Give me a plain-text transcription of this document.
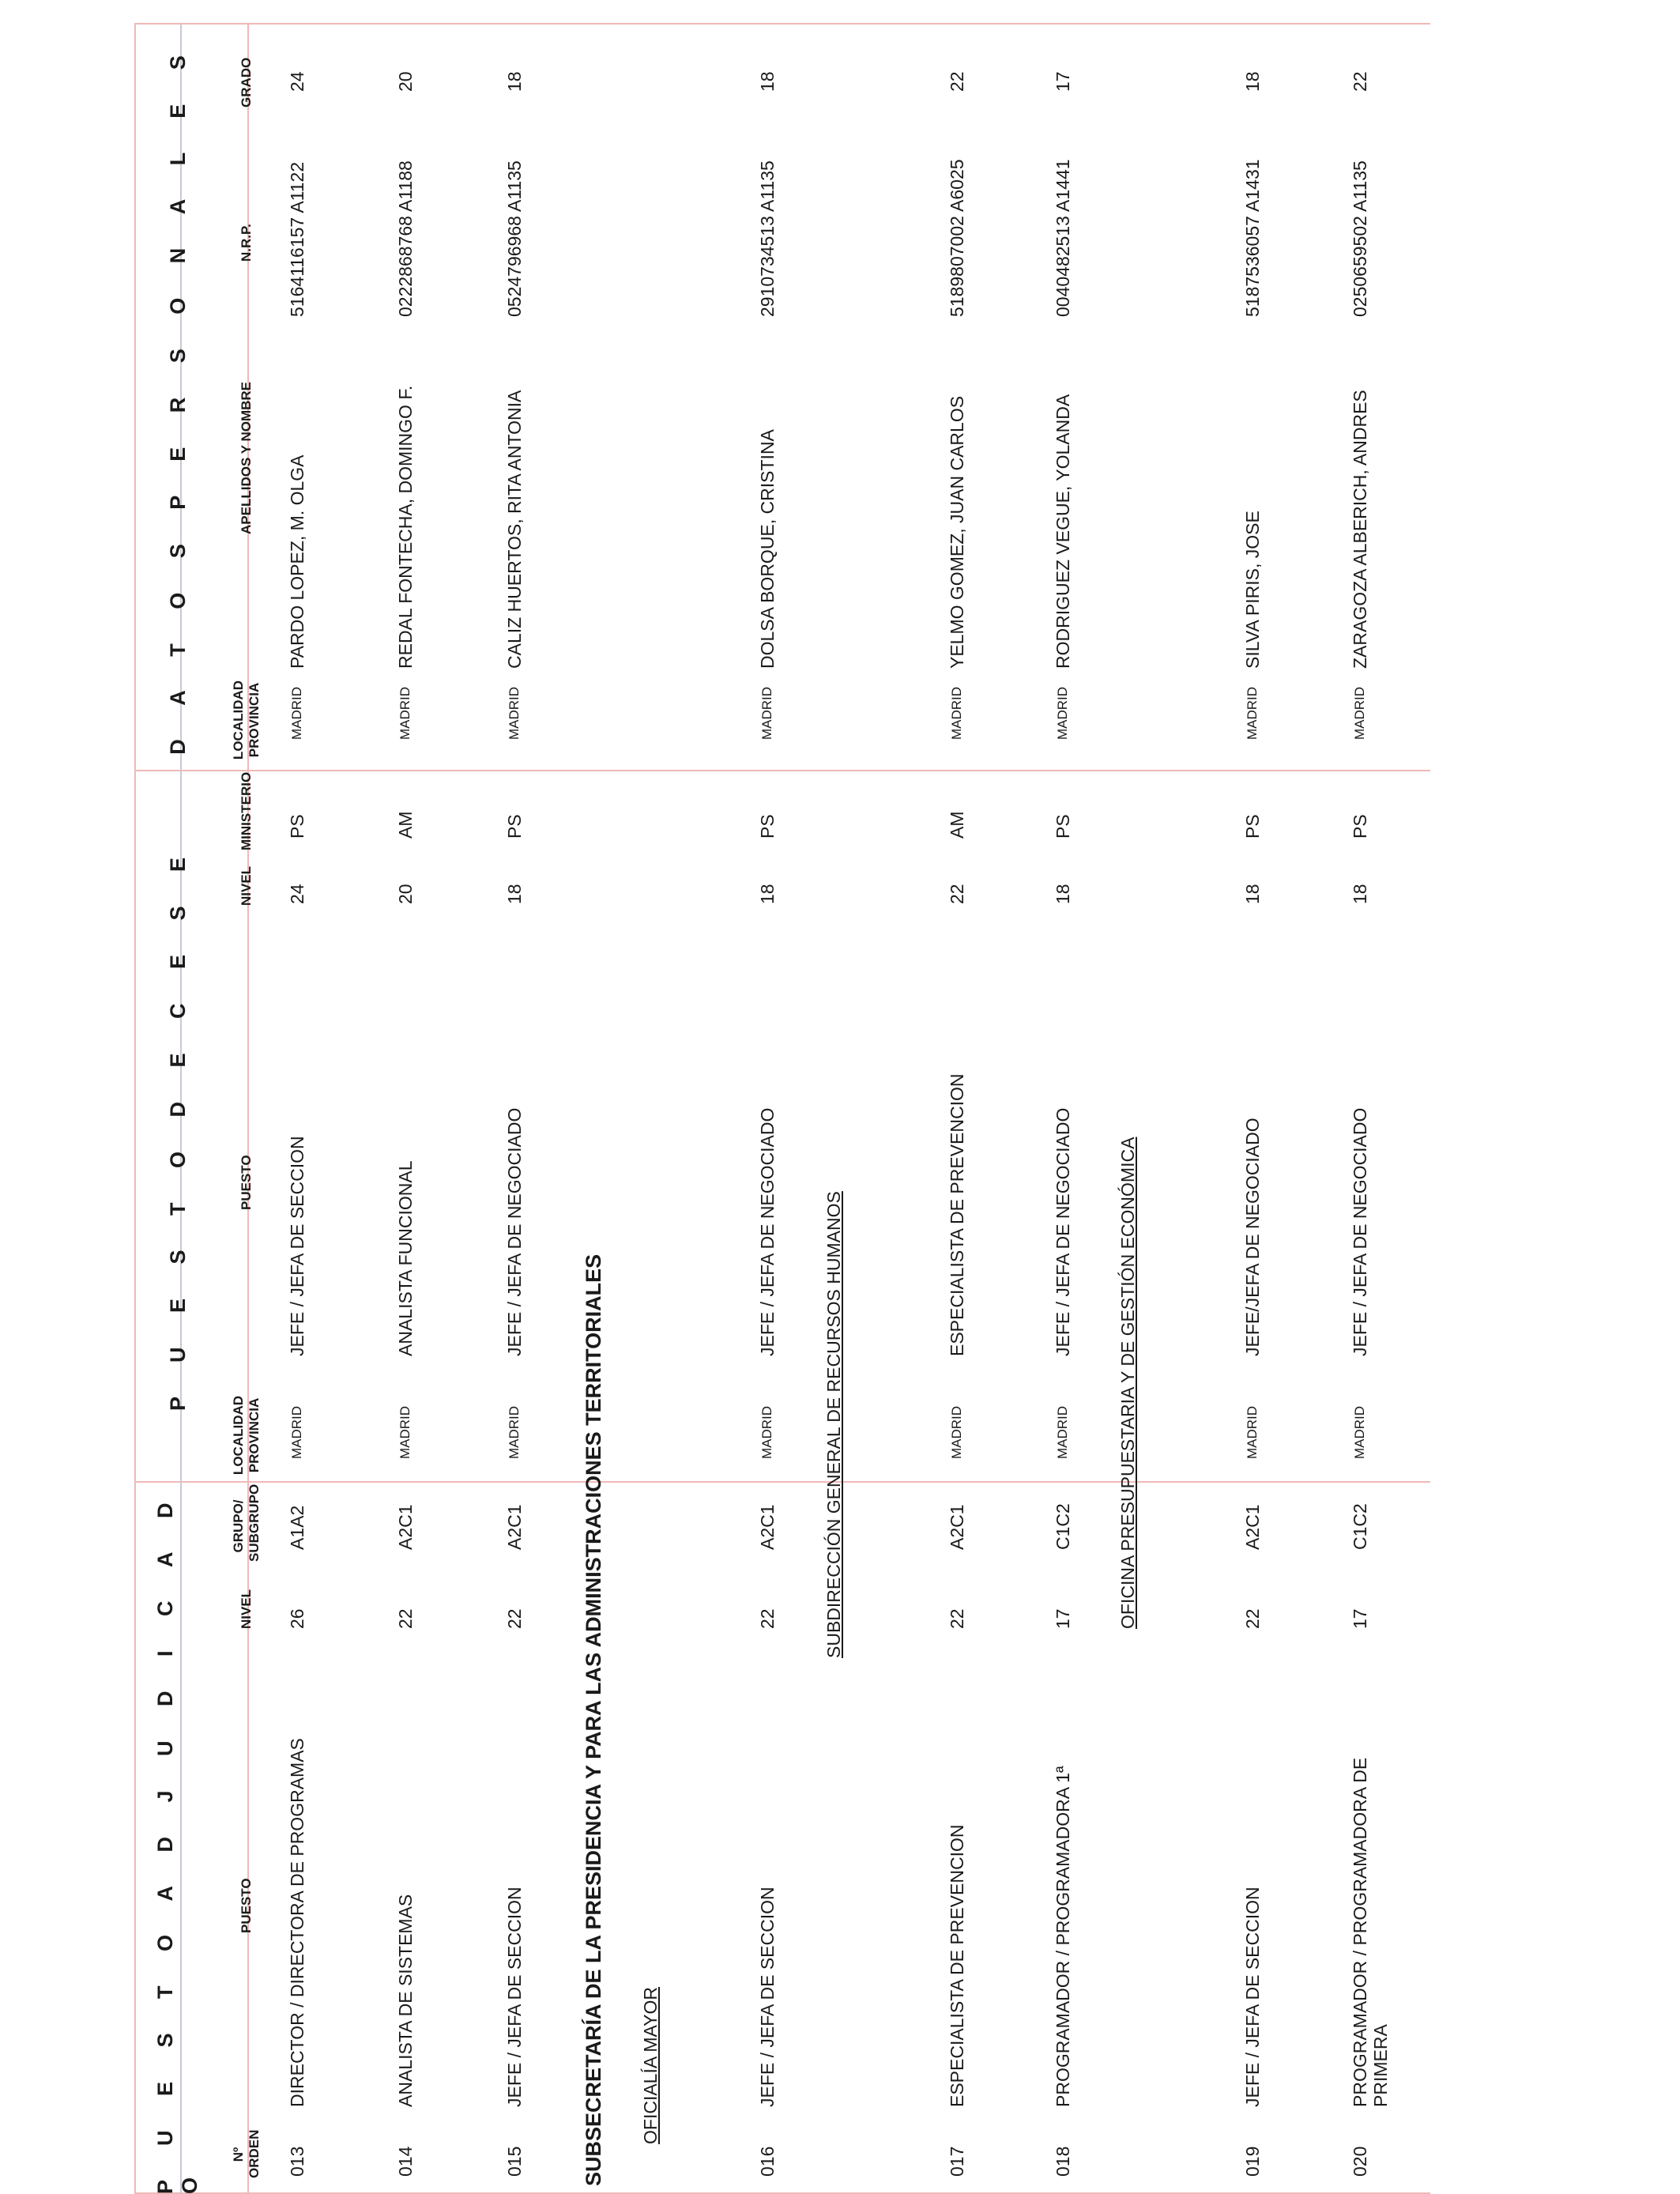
P U E S T O A D J U D I C A D O
P U E S T O D E C E S E
D A T O S P E R S O N A L E S
Nº ORDEN
PUESTO
NIVEL
GRUPO/ SUBGRUPO
LOCALIDAD PROVINCIA
PUESTO
NIVEL
MINISTERIO
LOCALIDAD PROVINCIA
APELLIDOS Y NOMBRE
N.R.P.
GRADO
013
DIRECTOR / DIRECTORA DE PROGRAMAS
26
A1A2
MADRID
JEFE / JEFA DE SECCION
24
PS
MADRID
PARDO LOPEZ, M. OLGA
5164116157 A1122
24
014
ANALISTA DE SISTEMAS
22
A2C1
MADRID
ANALISTA FUNCIONAL
20
AM
MADRID
REDAL FONTECHA, DOMINGO F.
0222868768 A1188
20
015
JEFE / JEFA DE SECCION
22
A2C1
MADRID
JEFE / JEFA DE NEGOCIADO
18
PS
MADRID
CALIZ HUERTOS, RITA ANTONIA
0524796968 A1135
18
016
JEFE / JEFA DE SECCION
22
A2C1
MADRID
JEFE / JEFA DE NEGOCIADO
18
PS
MADRID
DOLSA BORQUE, CRISTINA
2910734513 A1135
18
017
ESPECIALISTA DE PREVENCION
22
A2C1
MADRID
ESPECIALISTA DE PREVENCION
22
AM
MADRID
YELMO GOMEZ, JUAN CARLOS
5189807002 A6025
22
018
PROGRAMADOR / PROGRAMADORA 1ª
17
C1C2
MADRID
JEFE / JEFA DE NEGOCIADO
18
PS
MADRID
RODRIGUEZ VEGUE, YOLANDA
0040482513 A1441
17
019
JEFE / JEFA DE SECCION
22
A2C1
MADRID
JEFE/JEFA DE NEGOCIADO
18
PS
MADRID
SILVA PIRIS, JOSE
5187536057 A1431
18
020
PROGRAMADOR / PROGRAMADORA DE PRIMERA
17
C1C2
MADRID
JEFE / JEFA DE NEGOCIADO
18
PS
MADRID
ZARAGOZA ALBERICH, ANDRES
0250659502 A1135
22
SUBSECRETARÍA DE LA PRESIDENCIA Y PARA LAS ADMINISTRACIONES TERRITORIALES OFICIALÍA MAYOR
SUBDIRECCIÓN GENERAL DE RECURSOS HUMANOS	OFICINA PRESUPUESTARIA Y DE GESTIÓN ECONÓMICA
